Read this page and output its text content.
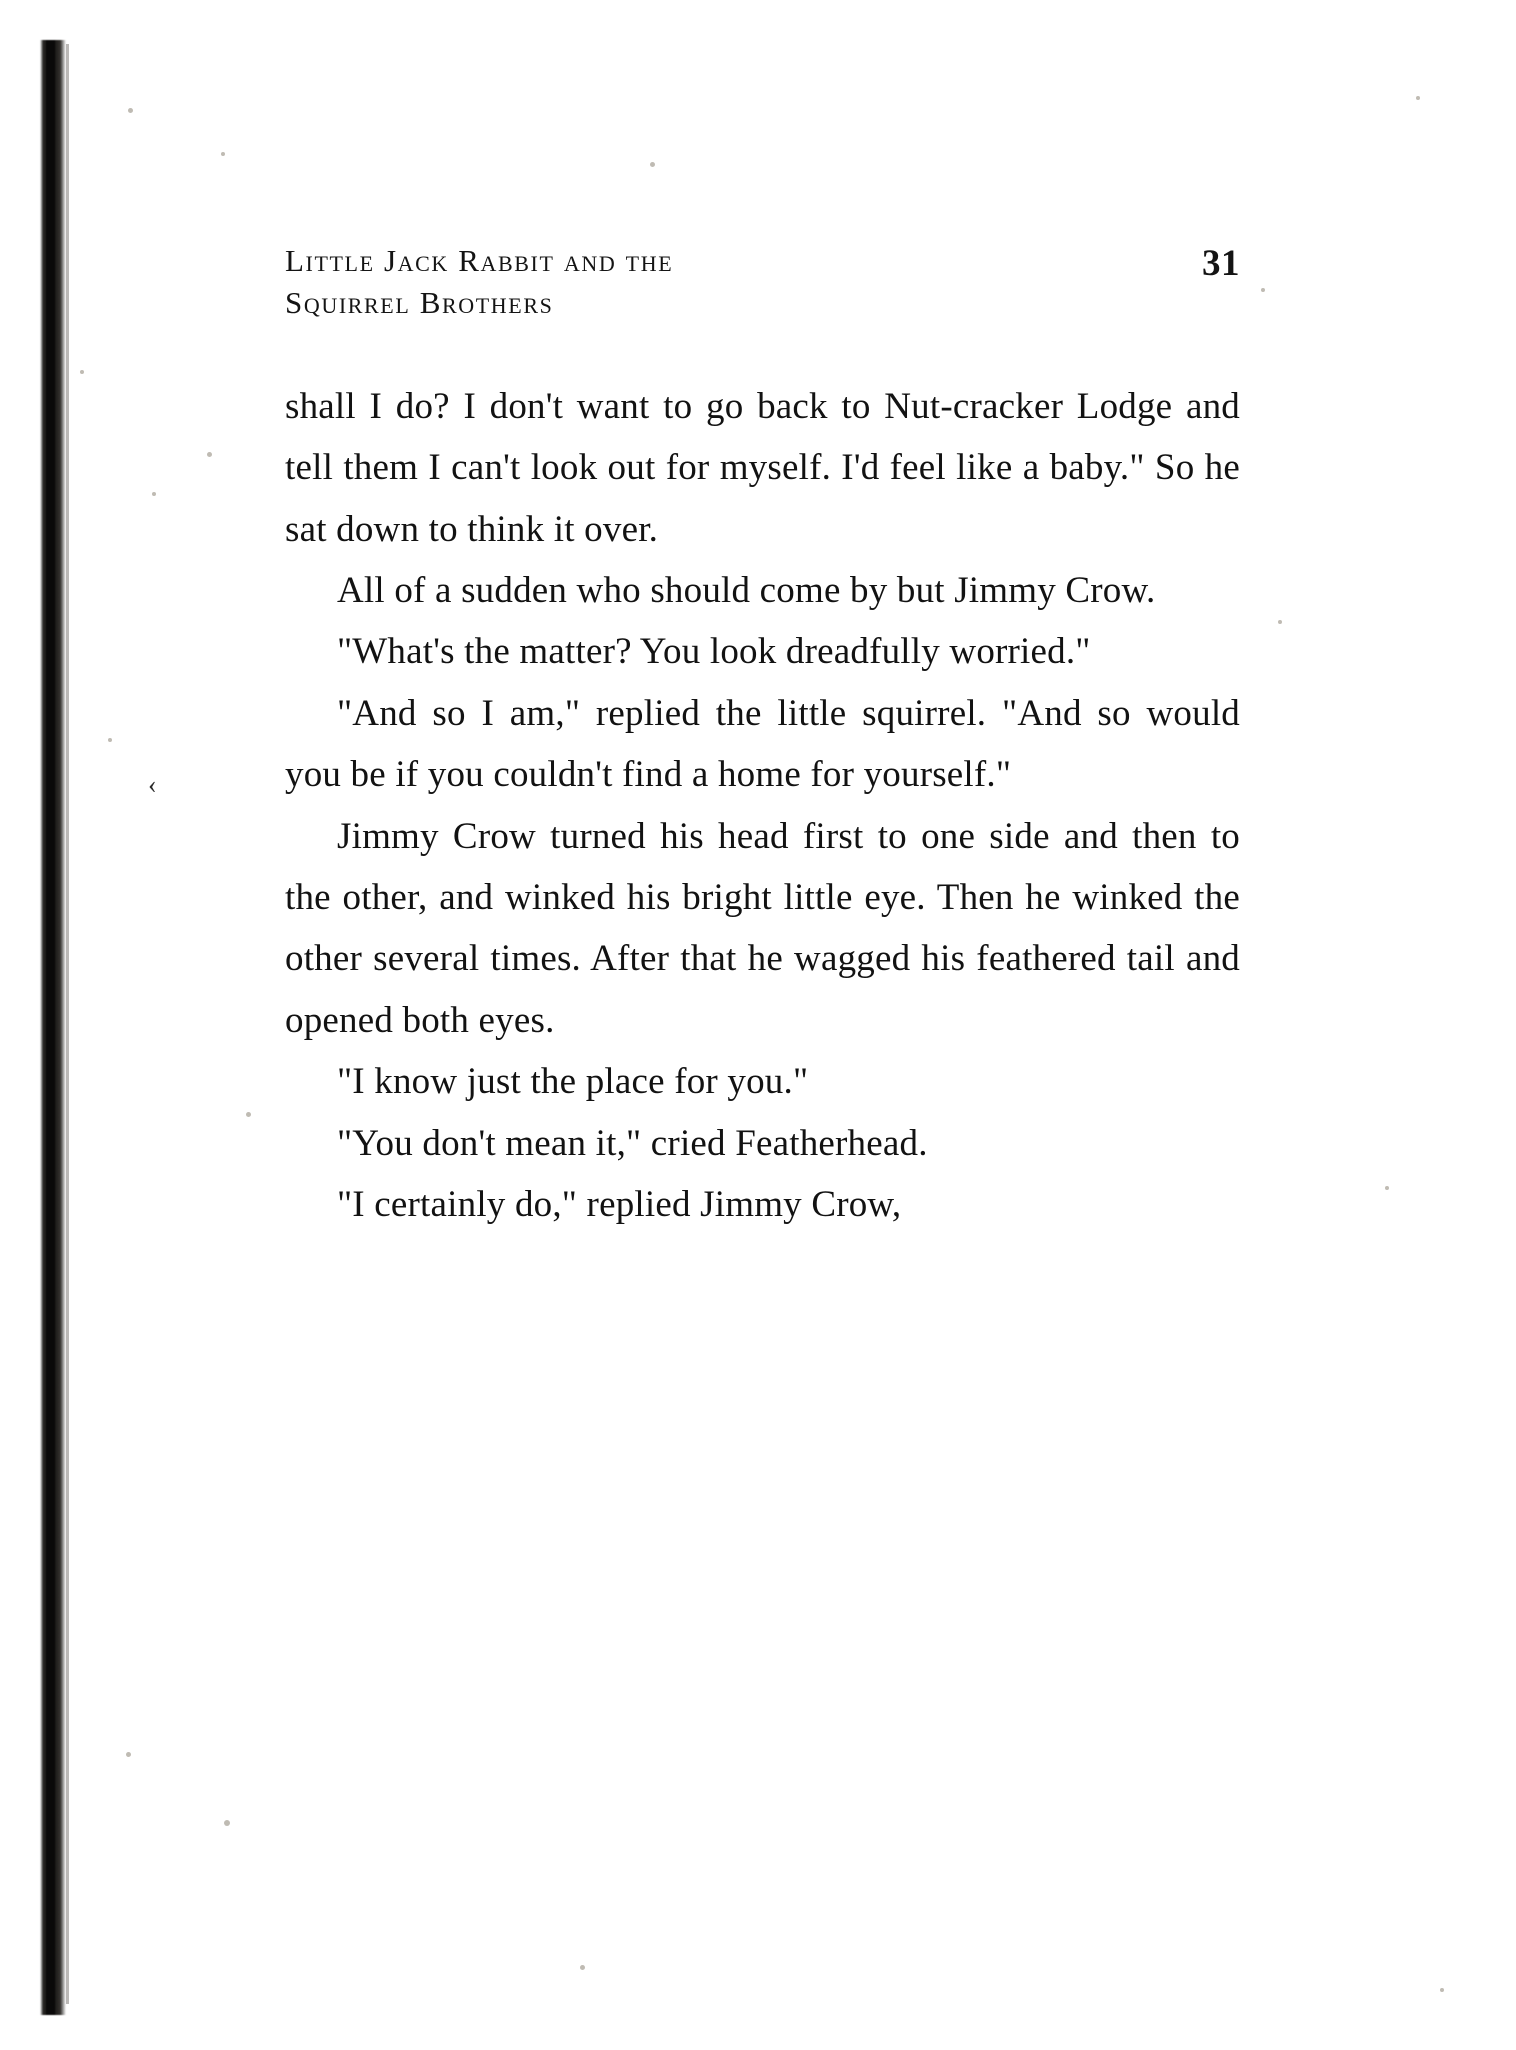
‹
Little Jack Rabbit and the
Squirrel Brothers
31

shall I do? I don't want to go back to Nut-cracker Lodge and tell them I can't look out for myself. I'd feel like a baby." So he sat down to think it over.

All of a sudden who should come by but Jimmy Crow.

"What's the matter? You look dreadfully worried."

"And so I am," replied the little squirrel. "And so would you be if you couldn't find a home for yourself."

Jimmy Crow turned his head first to one side and then to the other, and winked his bright little eye. Then he winked the other several times. After that he wagged his feathered tail and opened both eyes.

"I know just the place for you."

"You don't mean it," cried Featherhead.

"I certainly do," replied Jimmy Crow,
